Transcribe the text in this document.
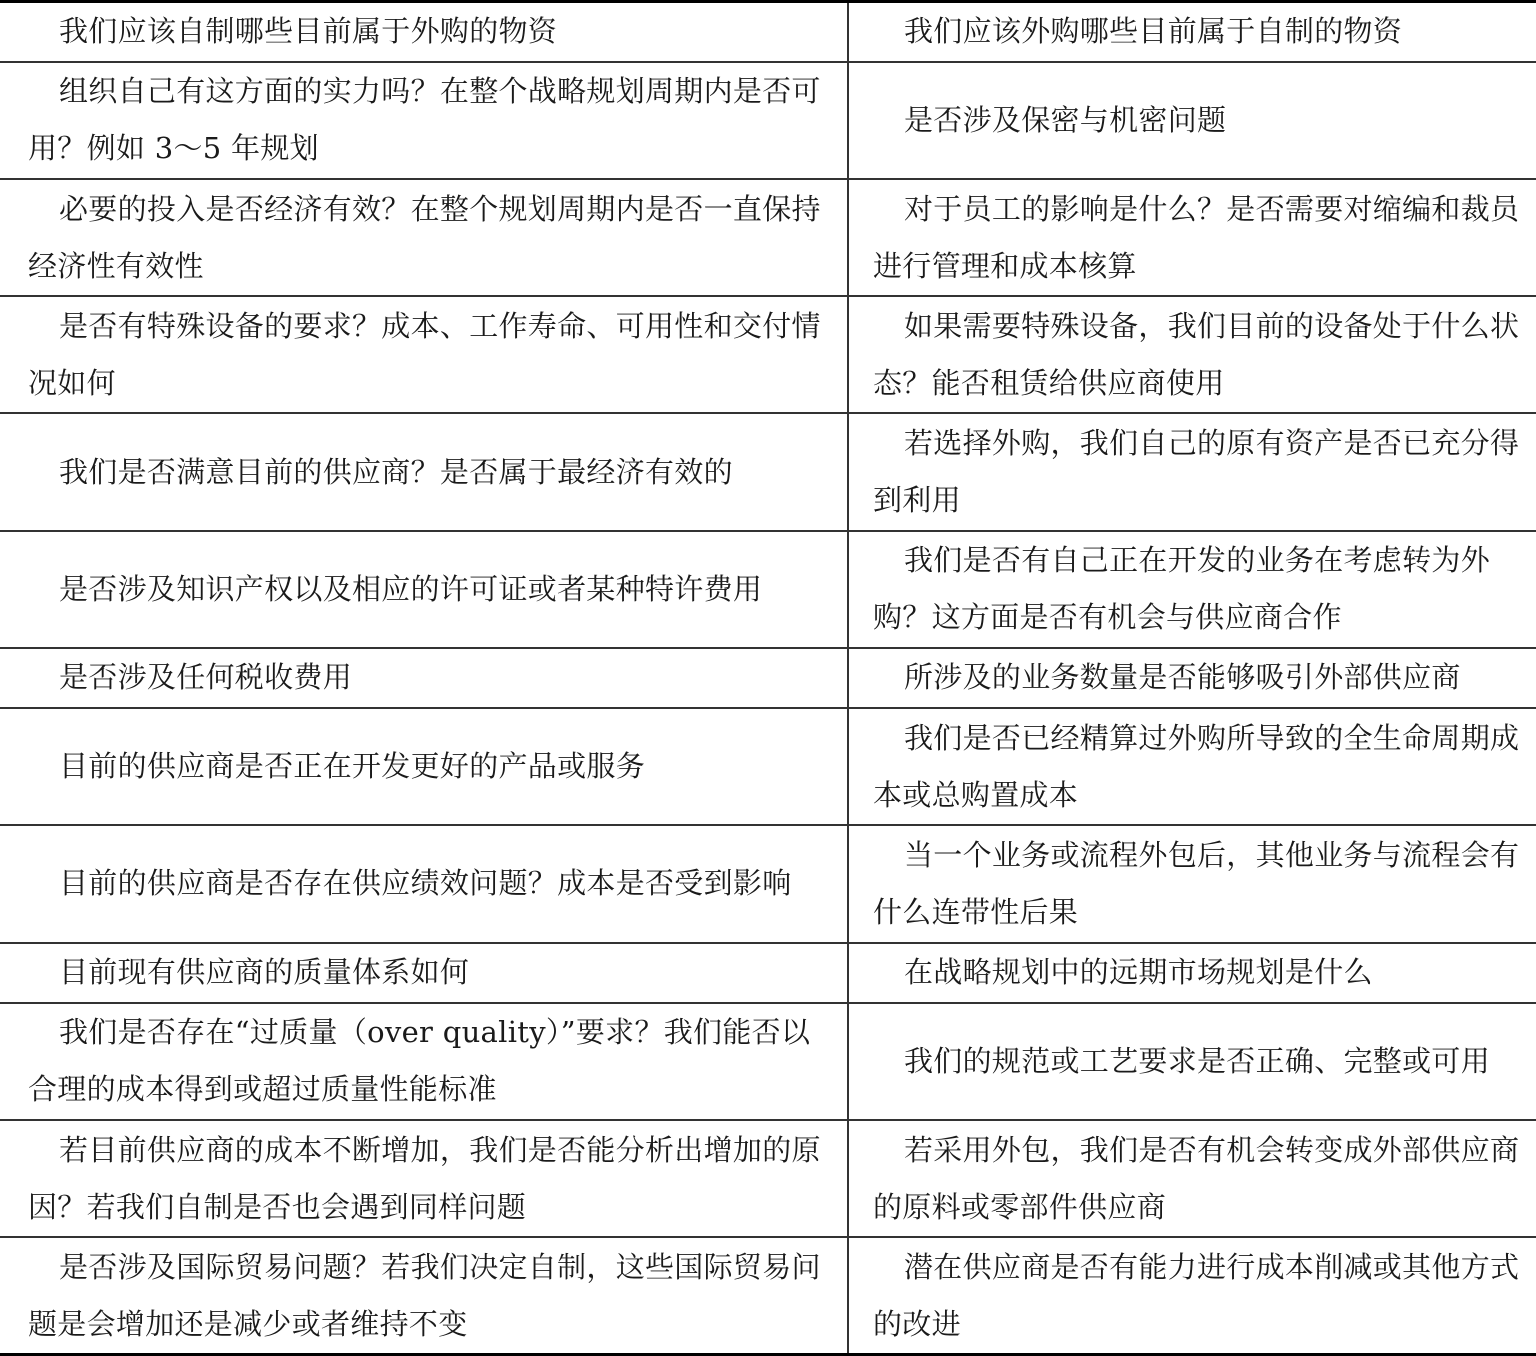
我们应该自制哪些目前属于外购的物资	我们应该外购哪些目前属于自制的物资
组织自己有这方面的实力吗？在整个战略规划周期内是否可用？例如 3～5 年规划	是否涉及保密与机密问题
必要的投入是否经济有效？在整个规划周期内是否一直保持经济性有效性	对于员工的影响是什么？是否需要对缩编和裁员进行管理和成本核算
是否有特殊设备的要求？成本、工作寿命、可用性和交付情况如何	如果需要特殊设备，我们目前的设备处于什么状态？能否租赁给供应商使用
我们是否满意目前的供应商？是否属于最经济有效的	若选择外购，我们自己的原有资产是否已充分得到利用
是否涉及知识产权以及相应的许可证或者某种特许费用	我们是否有自己正在开发的业务在考虑转为外购？这方面是否有机会与供应商合作
是否涉及任何税收费用	所涉及的业务数量是否能够吸引外部供应商
目前的供应商是否正在开发更好的产品或服务	我们是否已经精算过外购所导致的全生命周期成本或总购置成本
目前的供应商是否存在供应绩效问题？成本是否受到影响	当一个业务或流程外包后，其他业务与流程会有什么连带性后果
目前现有供应商的质量体系如何	在战略规划中的远期市场规划是什么
我们是否存在“过质量（over quality）”要求？我们能否以合理的成本得到或超过质量性能标准	我们的规范或工艺要求是否正确、完整或可用
若目前供应商的成本不断增加，我们是否能分析出增加的原因？若我们自制是否也会遇到同样问题	若采用外包，我们是否有机会转变成外部供应商的原料或零部件供应商
是否涉及国际贸易问题？若我们决定自制，这些国际贸易问题是会增加还是减少或者维持不变	潜在供应商是否有能力进行成本削减或其他方式的改进
